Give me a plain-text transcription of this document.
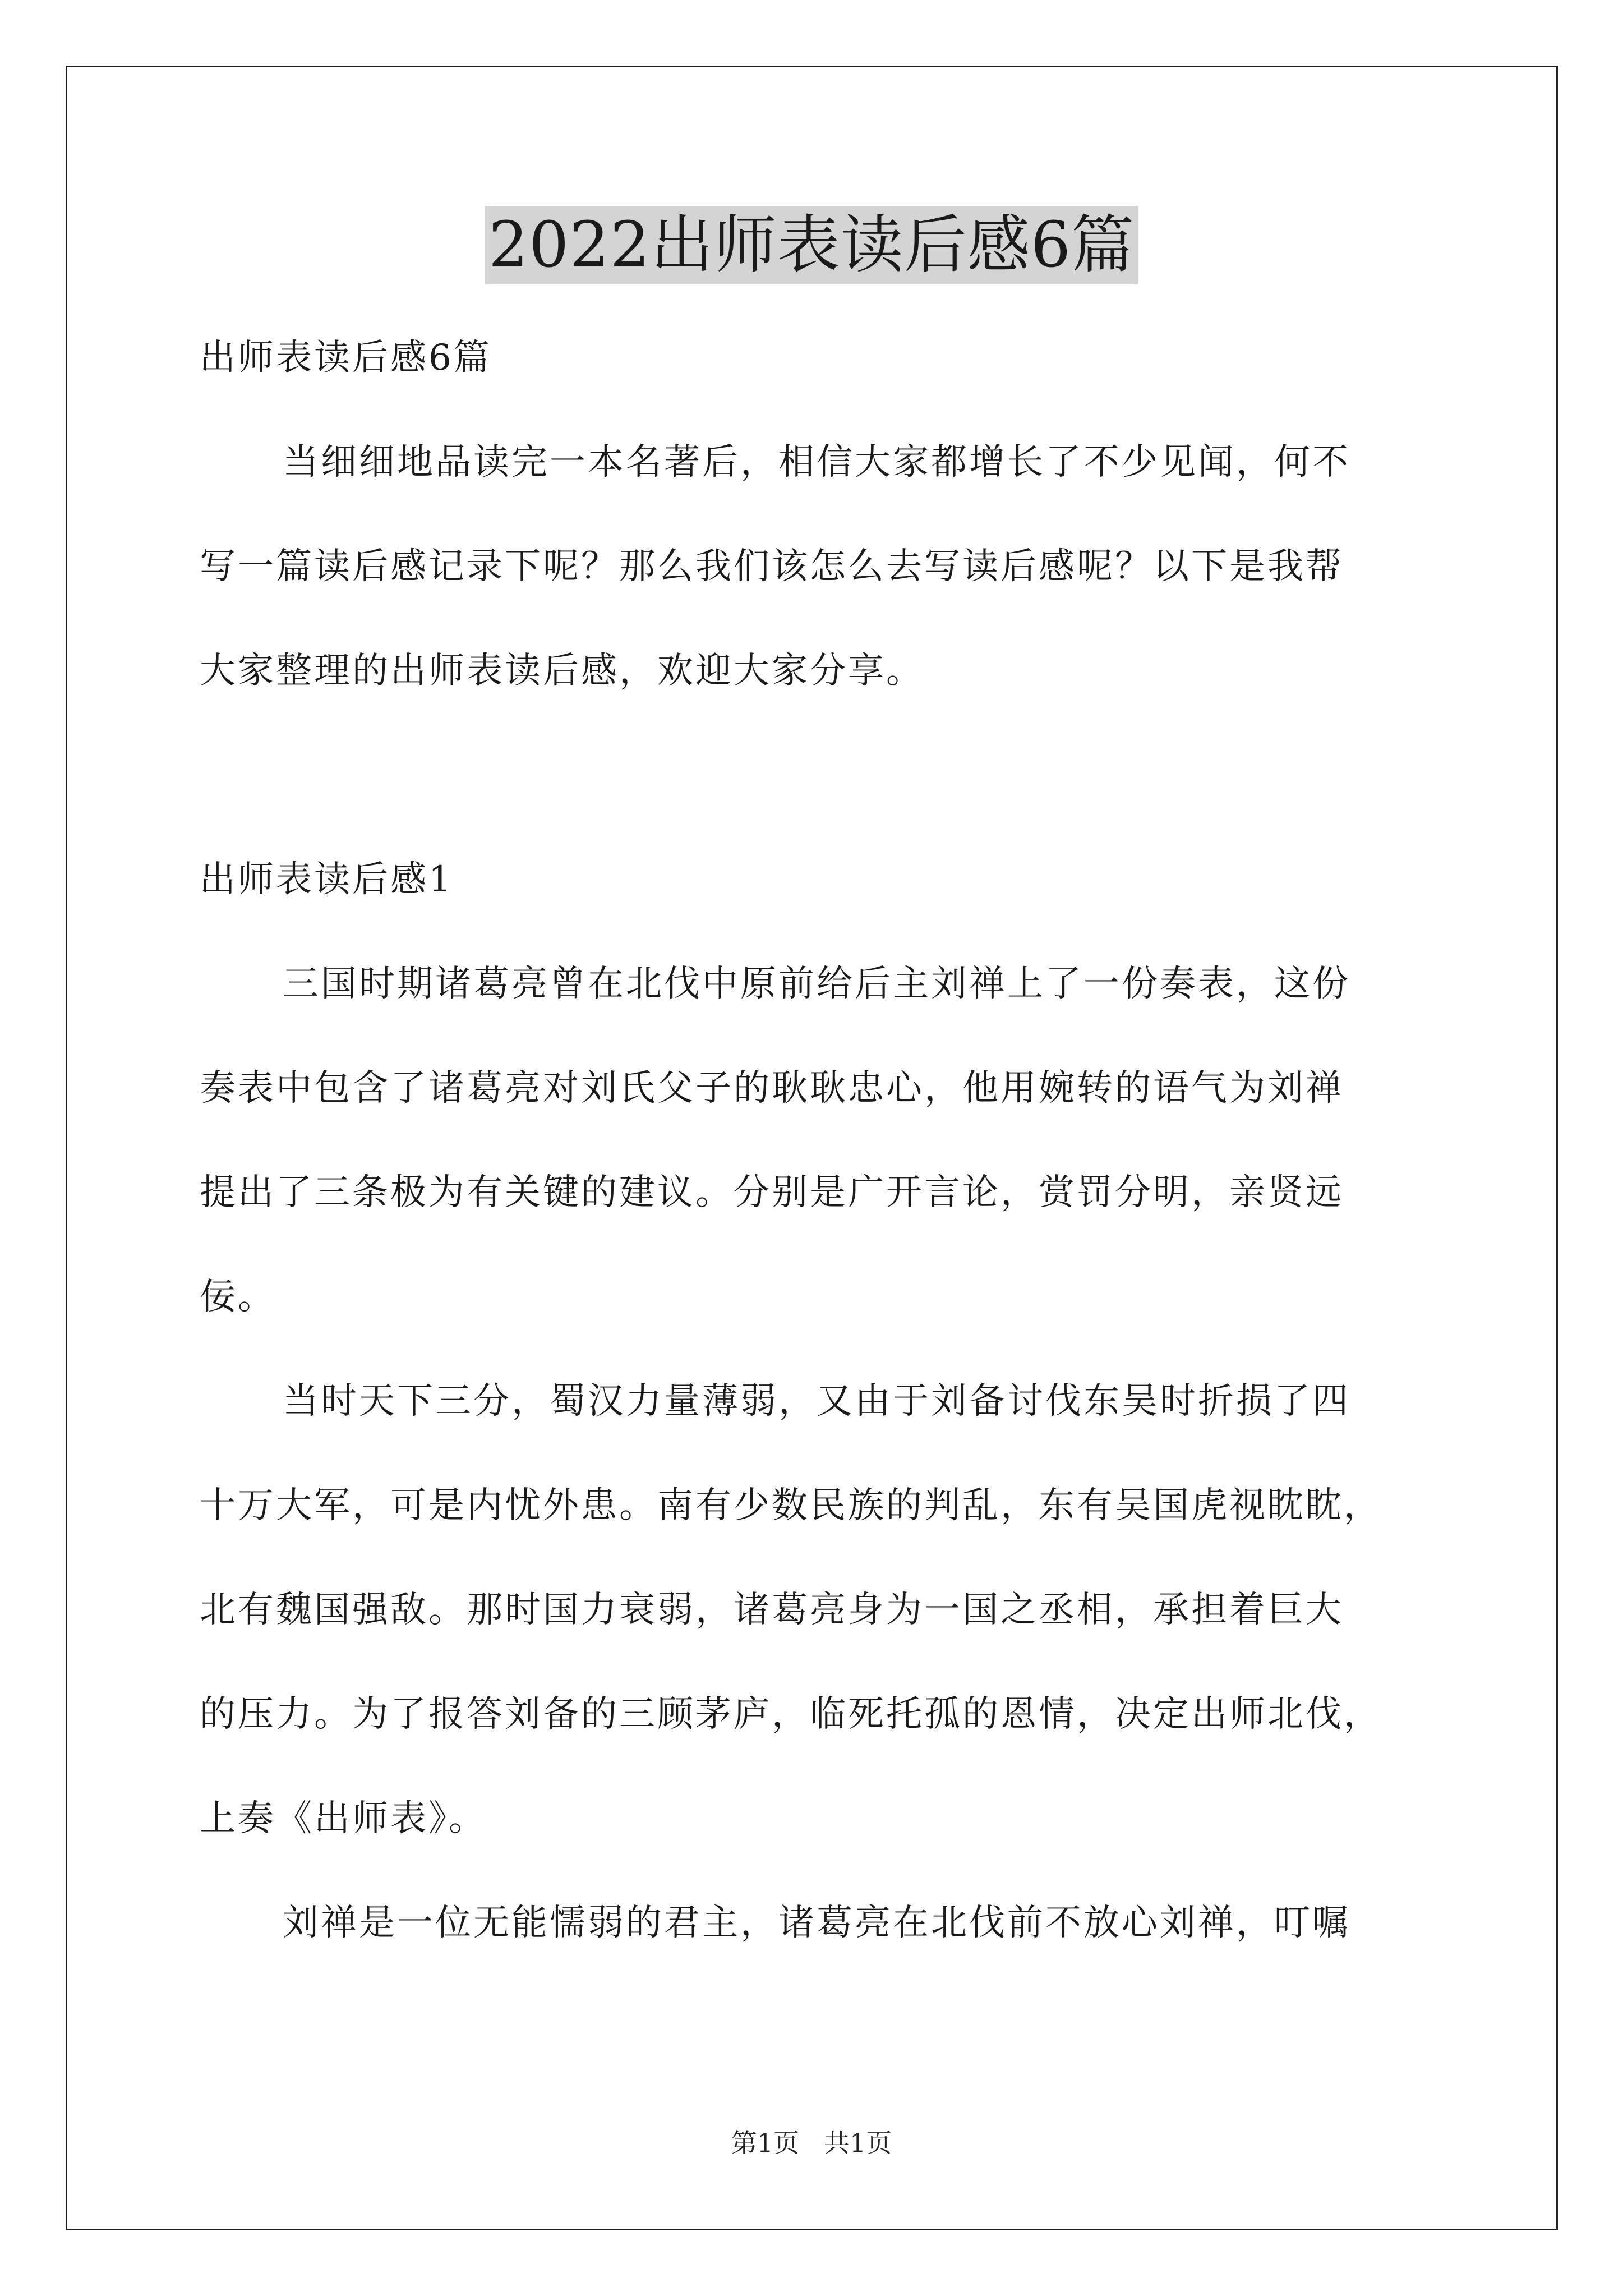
2022出师表读后感6篇
出师表读后感6篇
当细细地品读完一本名著后，相信大家都增长了不少见闻，何不
写一篇读后感记录下呢？那么我们该怎么去写读后感呢？以下是我帮
大家整理的出师表读后感，欢迎大家分享。
出师表读后感1
三国时期诸葛亮曾在北伐中原前给后主刘禅上了一份奏表，这份
奏表中包含了诸葛亮对刘氏父子的耿耿忠心，他用婉转的语气为刘禅
提出了三条极为有关键的建议。分别是广开言论，赏罚分明，亲贤远
佞。
当时天下三分，蜀汉力量薄弱，又由于刘备讨伐东吴时折损了四
十万大军，可是内忧外患。南有少数民族的判乱，东有吴国虎视眈眈，
北有魏国强敌。那时国力衰弱，诸葛亮身为一国之丞相，承担着巨大
的压力。为了报答刘备的三顾茅庐，临死托孤的恩情，决定出师北伐，
上奏《出师表》。
刘禅是一位无能懦弱的君主，诸葛亮在北伐前不放心刘禅，叮嘱
第1页 共1页
